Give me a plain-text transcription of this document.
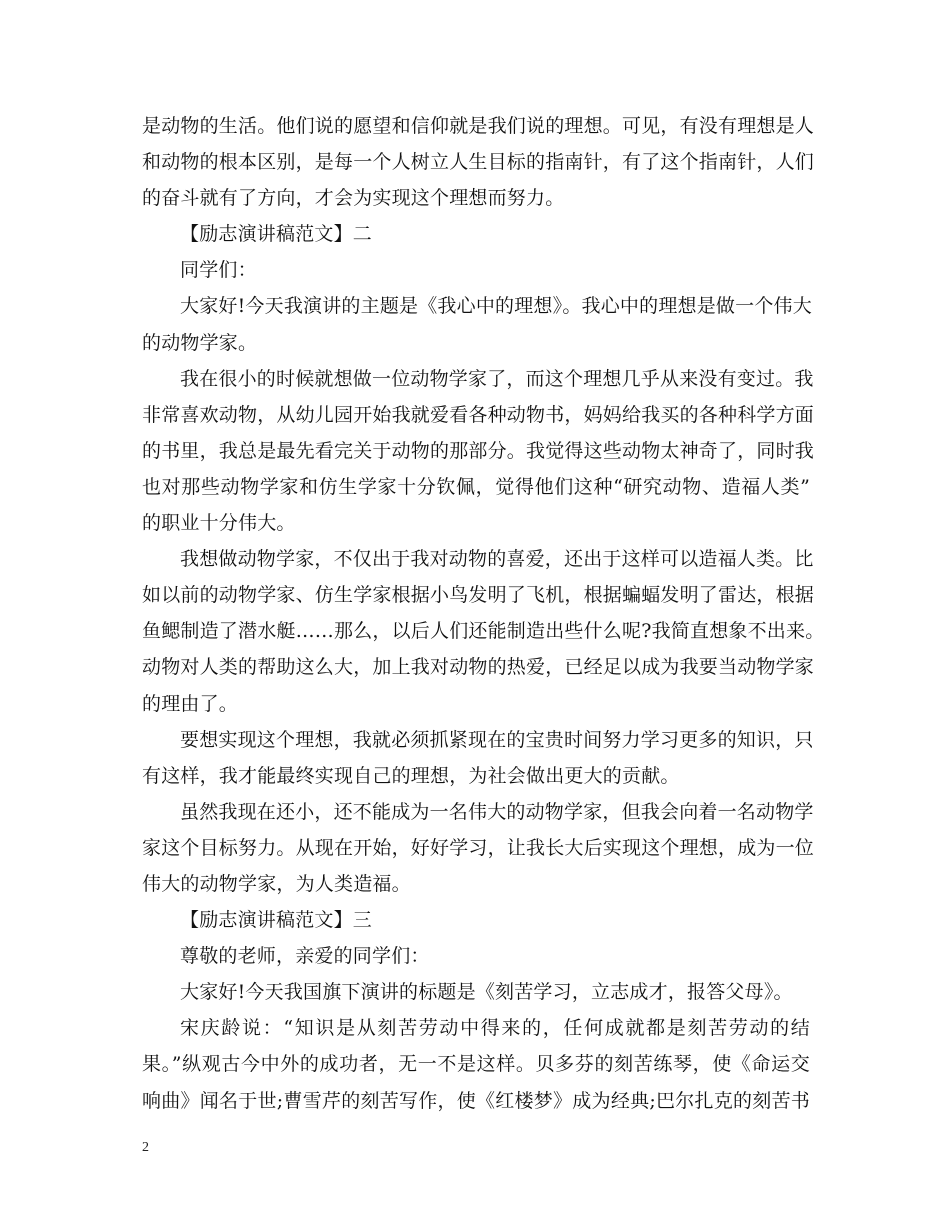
是动物的生活。他们说的愿望和信仰就是我们说的理想。可见，有没有理想是人
和动物的根本区别，是每一个人树立人生目标的指南针，有了这个指南针，人们
的奋斗就有了方向，才会为实现这个理想而努力。
【励志演讲稿范文】二
同学们：
大家好!今天我演讲的主题是《我心中的理想》。我心中的理想是做一个伟大
的动物学家。
我在很小的时候就想做一位动物学家了，而这个理想几乎从来没有变过。我
非常喜欢动物，从幼儿园开始我就爱看各种动物书，妈妈给我买的各种科学方面
的书里，我总是最先看完关于动物的那部分。我觉得这些动物太神奇了，同时我
也对那些动物学家和仿生学家十分钦佩，觉得他们这种“研究动物、造福人类”
的职业十分伟大。
我想做动物学家，不仅出于我对动物的喜爱，还出于这样可以造福人类。比
如以前的动物学家、仿生学家根据小鸟发明了飞机，根据蝙蝠发明了雷达，根据
鱼鳃制造了潜水艇……那么，以后人们还能制造出些什么呢?我简直想象不出来。
动物对人类的帮助这么大，加上我对动物的热爱，已经足以成为我要当动物学家
的理由了。
要想实现这个理想，我就必须抓紧现在的宝贵时间努力学习更多的知识，只
有这样，我才能最终实现自己的理想，为社会做出更大的贡献。
虽然我现在还小，还不能成为一名伟大的动物学家，但我会向着一名动物学
家这个目标努力。从现在开始，好好学习，让我长大后实现这个理想，成为一位
伟大的动物学家，为人类造福。
【励志演讲稿范文】三
尊敬的老师，亲爱的同学们：
大家好!今天我国旗下演讲的标题是《刻苦学习，立志成才，报答父母》。
宋庆龄说：“知识是从刻苦劳动中得来的，任何成就都是刻苦劳动的结
果。”纵观古今中外的成功者，无一不是这样。贝多芬的刻苦练琴，使《命运交
响曲》闻名于世;曹雪芹的刻苦写作，使《红楼梦》成为经典;巴尔扎克的刻苦书
2
